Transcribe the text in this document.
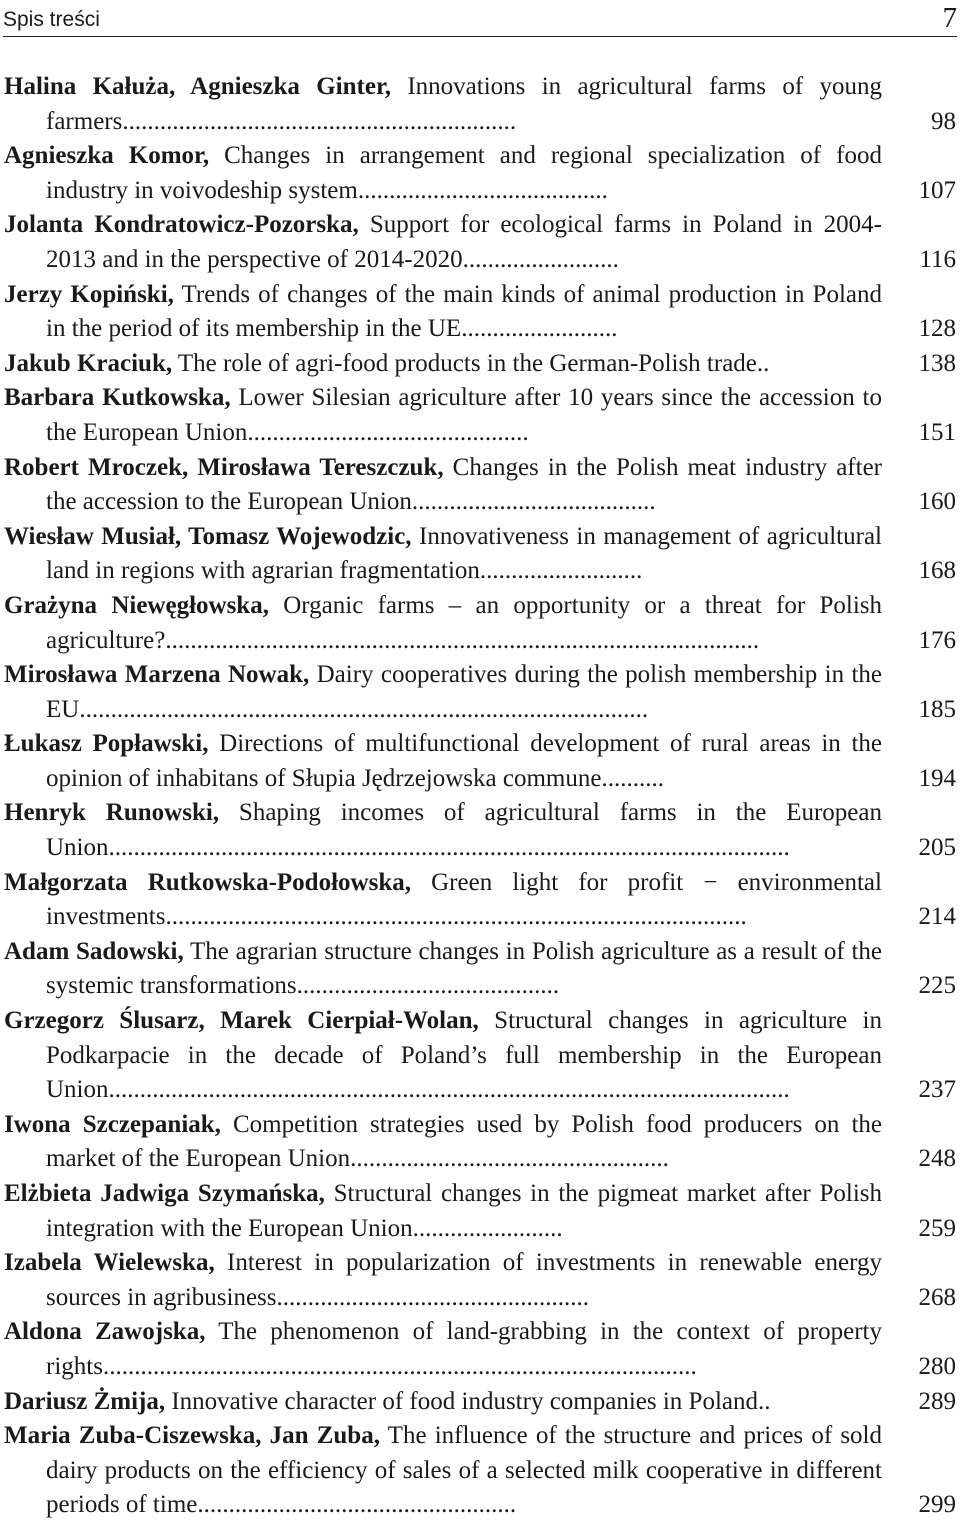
Spis treści	7
Halina Kałuża, Agnieszka Ginter, Innovations in agricultural farms of young farmers...............................................................	98
Agnieszka Komor, Changes in arrangement and regional specialization of food industry in voivodeship system........................................	107
Jolanta Kondratowicz-Pozorska, Support for ecological farms in Poland in 2004-2013 and in the perspective of 2014-2020.........................	116
Jerzy Kopiński, Trends of changes of the main kinds of animal production in Poland in the period of its membership in the UE.........................	128
Jakub Kraciuk, The role of agri-food products in the German-Polish trade..	138
Barbara Kutkowska, Lower Silesian agriculture after 10 years since the accession to the European Union.............................................	151
Robert Mroczek, Mirosława Tereszczuk, Changes in the Polish meat industry after the accession to the European Union.......................................	160
Wiesław Musiał, Tomasz Wojewodzic, Innovativeness in management of agricultural land in regions with agrarian fragmentation..........................	168
Grażyna Niewęgłowska, Organic farms – an opportunity or a threat for Polish agriculture?...............................................................................................	176
Mirosława Marzena Nowak, Dairy cooperatives during the polish membership in the EU...........................................................................................	185
Łukasz Popławski, Directions of multifunctional development of rural areas in the opinion of inhabitans of Słupia Jędrzejowska commune..........	194
Henryk Runowski, Shaping incomes of agricultural farms in the European Union.............................................................................................................	205
Małgorzata Rutkowska-Podołowska, Green light for profit − environmental investments.............................................................................................	214
Adam Sadowski, The agrarian structure changes in Polish agriculture as a result of the systemic transformations..........................................	225
Grzegorz Ślusarz, Marek Cierpiał-Wolan, Structural changes in agriculture in Podkarpacie in the decade of Poland’s full membership in the European Union.............................................................................................................	237
Iwona Szczepaniak, Competition strategies used by Polish food producers on the market of the European Union...................................................	248
Elżbieta Jadwiga Szymańska, Structural changes in the pigmeat market after Polish integration with the European Union........................	259
Izabela Wielewska, Interest in popularization of investments in renewable energy sources in agribusiness..................................................	268
Aldona Zawojska, The phenomenon of land-grabbing in the context of property rights...............................................................................................	280
Dariusz Żmija, Innovative character of food industry companies in Poland..	289
Maria Zuba-Ciszewska, Jan Zuba, The influence of the structure and prices of sold dairy products on the efficiency of sales of a selected milk cooperative in different periods of time...................................................	299
